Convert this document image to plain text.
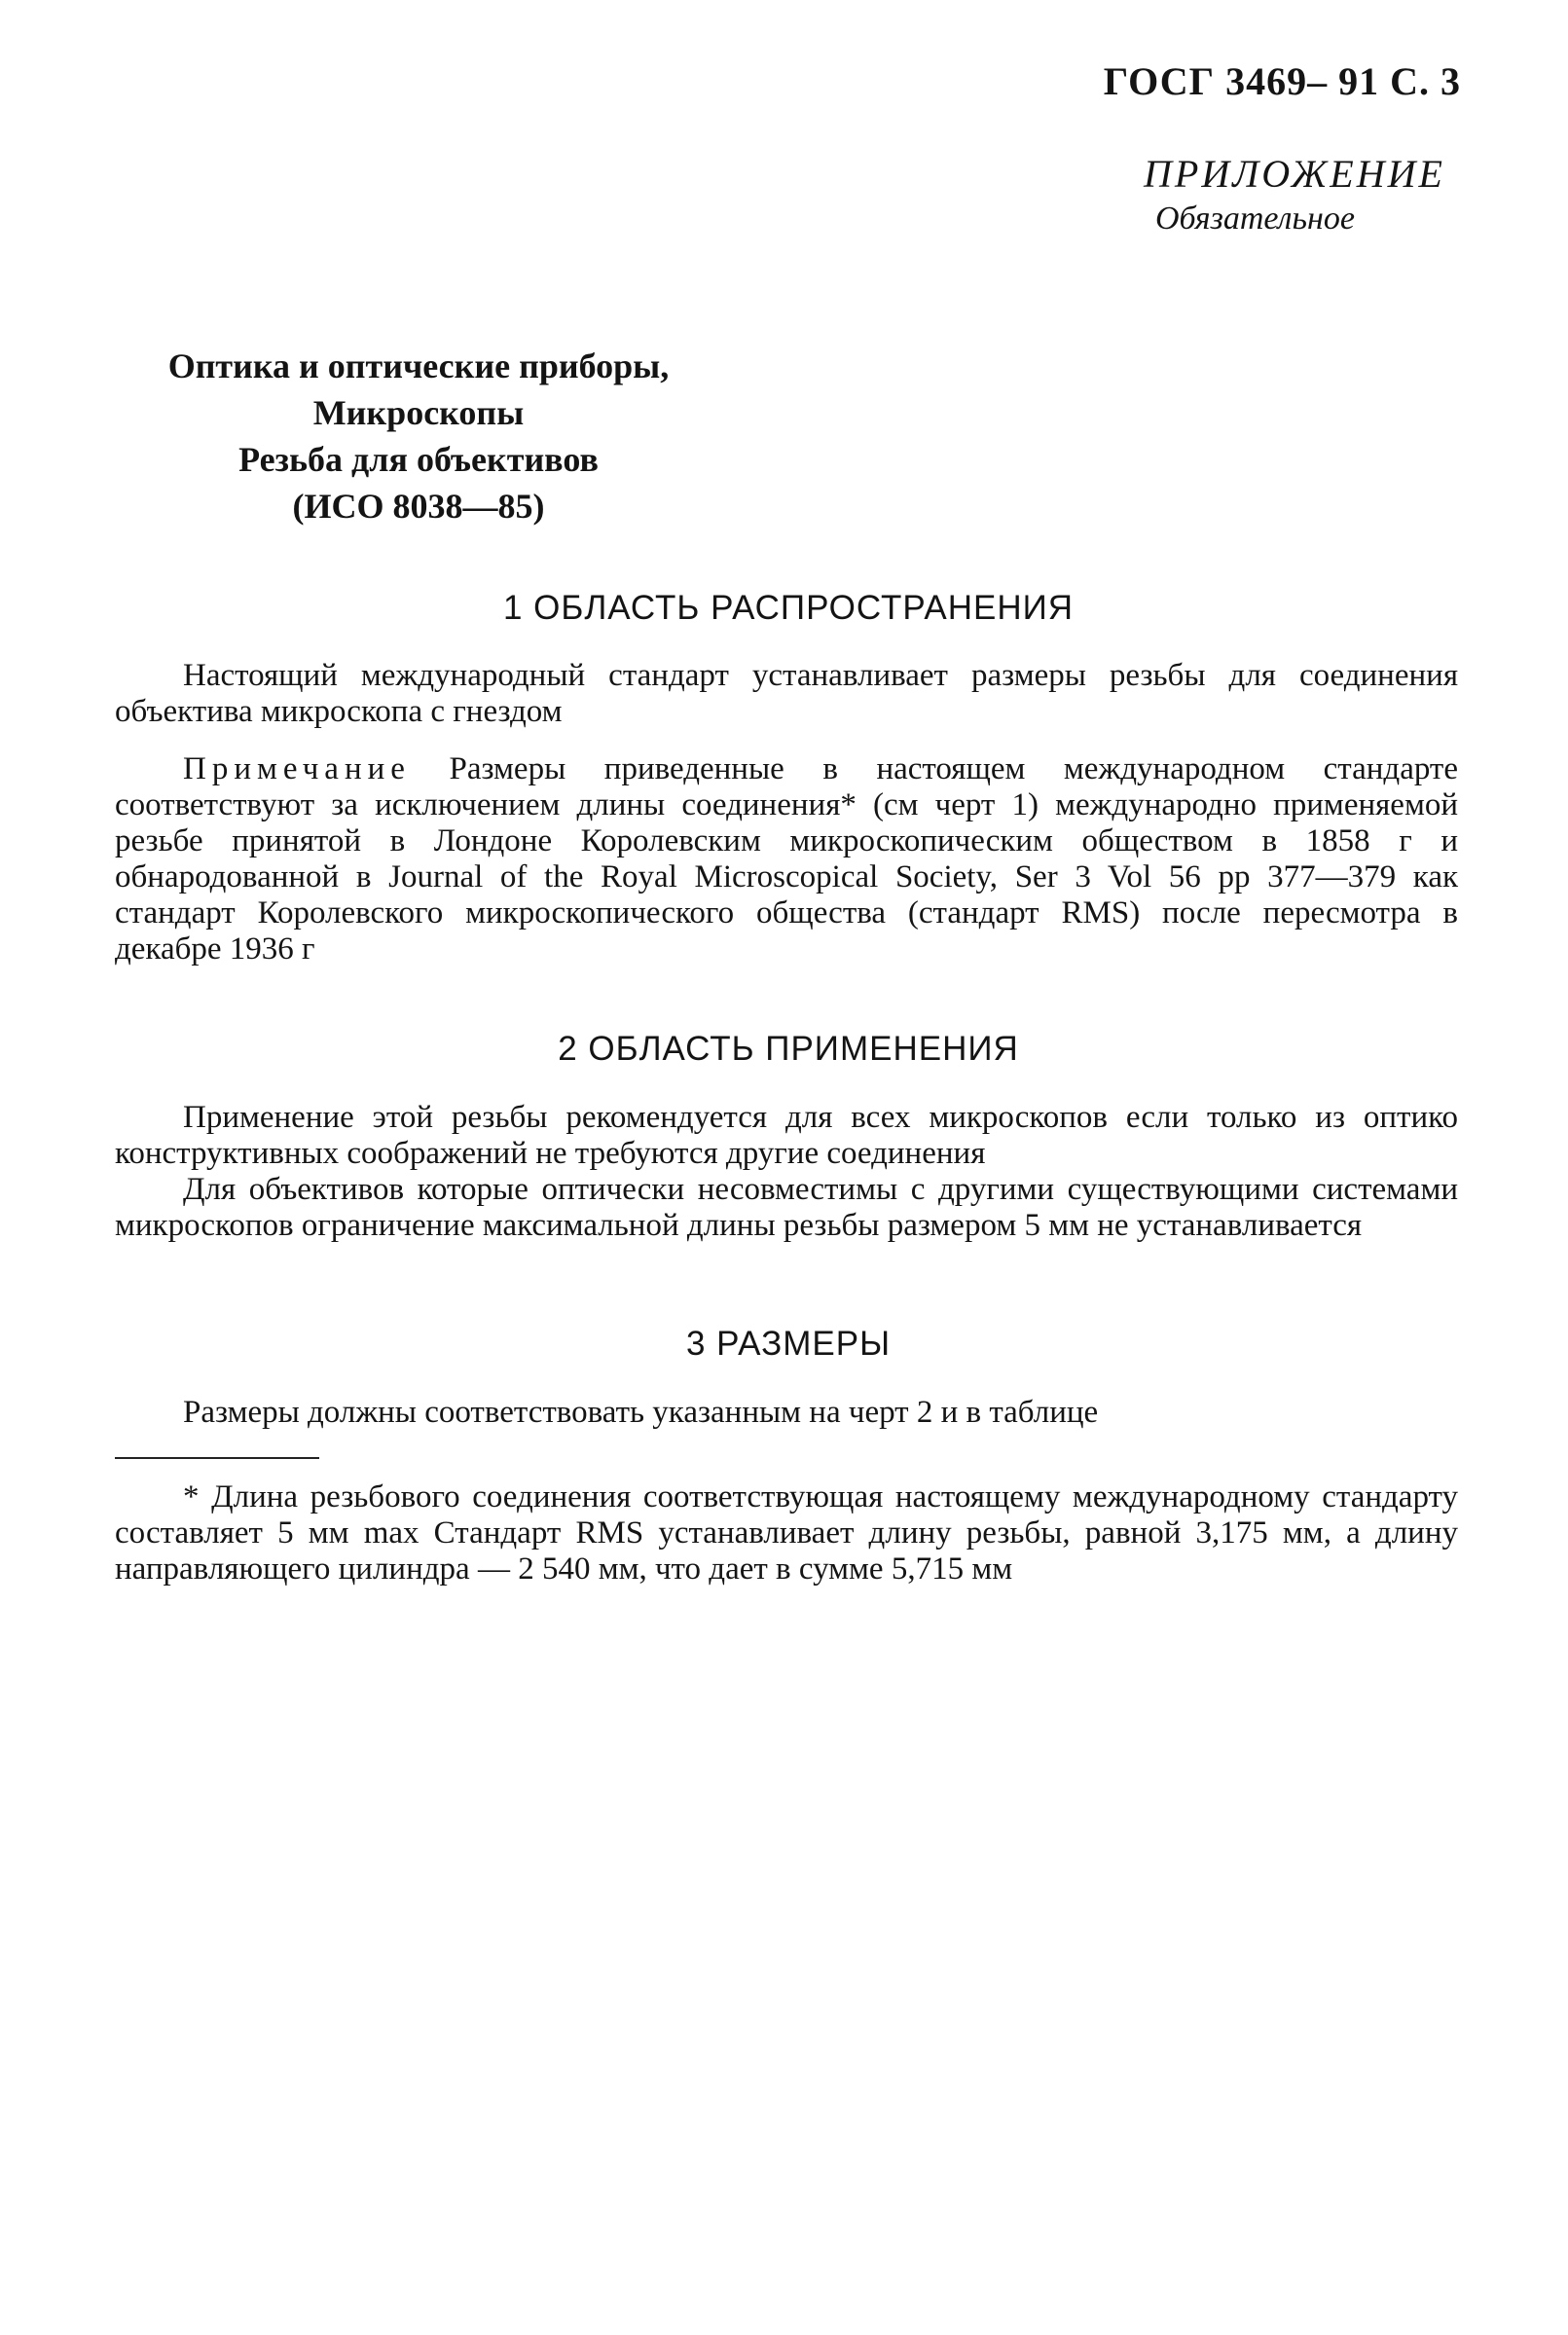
ГОСГ 3469– 91 С. 3
ПРИЛОЖЕНИЕ
Обязательное
Оптика и оптические приборы,
Микроскопы
Резьба для объективов
(ИСО 8038—85)
1 ОБЛАСТЬ РАСПРОСТРАНЕНИЯ
Настоящий международный стандарт устанавливает размеры резьбы для соединения объектива микроскопа с гнездом
Примечание Размеры приведенные в настоящем международном стандарте соответствуют за исключением длины соединения* (см черт 1) международно применяемой резьбе принятой в Лондоне Королевским микроскопическим обществом в 1858 г и обнародованной в Journal of the Royal Microscopical Society, Ser 3 Vol 56 pp 377—379 как стандарт Королевского микроскопического общества (стандарт RMS) после пересмотра в декабре 1936 г
2 ОБЛАСТЬ ПРИМЕНЕНИЯ
Применение этой резьбы рекомендуется для всех микроскопов если только из оптико конструктивных соображений не требуются другие соединения
Для объективов которые оптически несовместимы с другими существующими системами микроскопов ограничение максимальной длины резьбы размером 5 мм не устанавливается
3 РАЗМЕРЫ
Размеры должны соответствовать указанным на черт 2 и в таблице
* Длина резьбового соединения соответствующая настоящему международному стандарту составляет 5 мм max Стандарт RMS устанавливает длину резьбы, равной 3,175 мм, а длину направляющего цилиндра — 2 540 мм, что дает в сумме 5,715 мм
